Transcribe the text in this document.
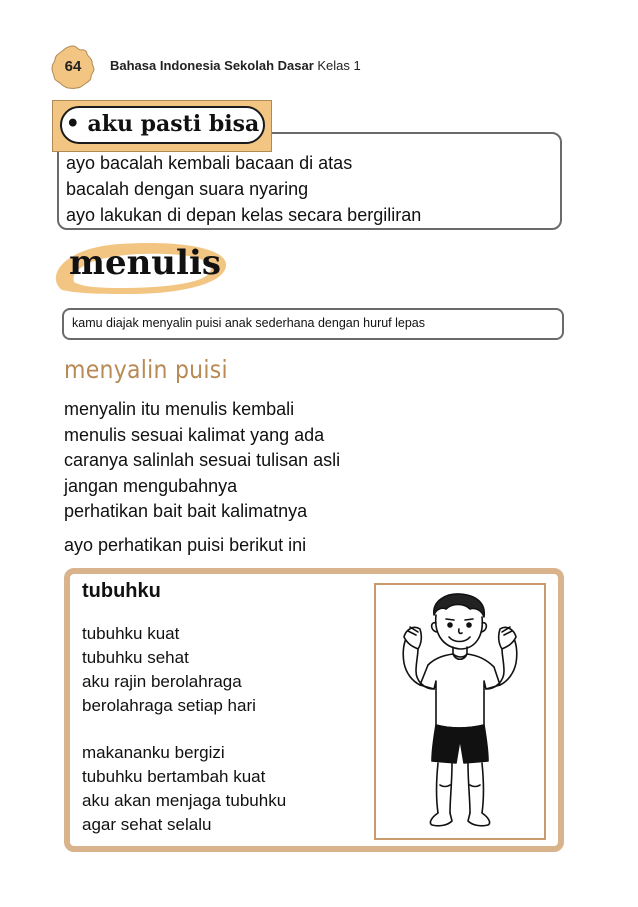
64	Bahasa Indonesia Sekolah Dasar Kelas 1
• aku pasti bisa
ayo bacalah kembali bacaan di atas
bacalah dengan suara nyaring
ayo lakukan di depan kelas secara bergiliran
menulis
kamu diajak menyalin puisi anak sederhana dengan huruf lepas
menyalin puisi
menyalin itu menulis kembali
menulis sesuai kalimat yang ada
caranya salinlah sesuai tulisan asli
jangan mengubahnya
perhatikan bait bait kalimatnya
ayo perhatikan puisi berikut ini
tubuhku
tubuhku kuat
tubuhku sehat
aku rajin berolahraga
berolahraga setiap hari
makananku bergizi
tubuhku bertambah kuat
aku akan menjaga tubuhku
agar sehat selalu
